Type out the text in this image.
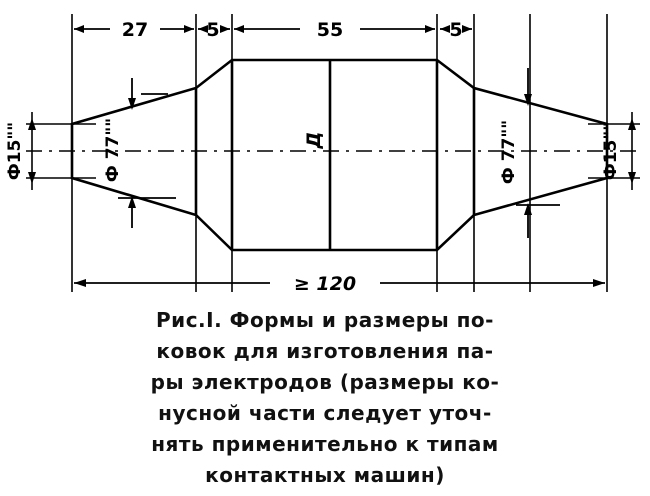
27	5	55	5
Ф15""	Ф 77""	Д	Ф 77""	Ф15""
≥ 120
Рис.I. Формы и размеры по-
ковок для изготовления па-
ры электродов (размеры ко-
нусной части следует уточ-
нять применительно к типам
контактных машин)
